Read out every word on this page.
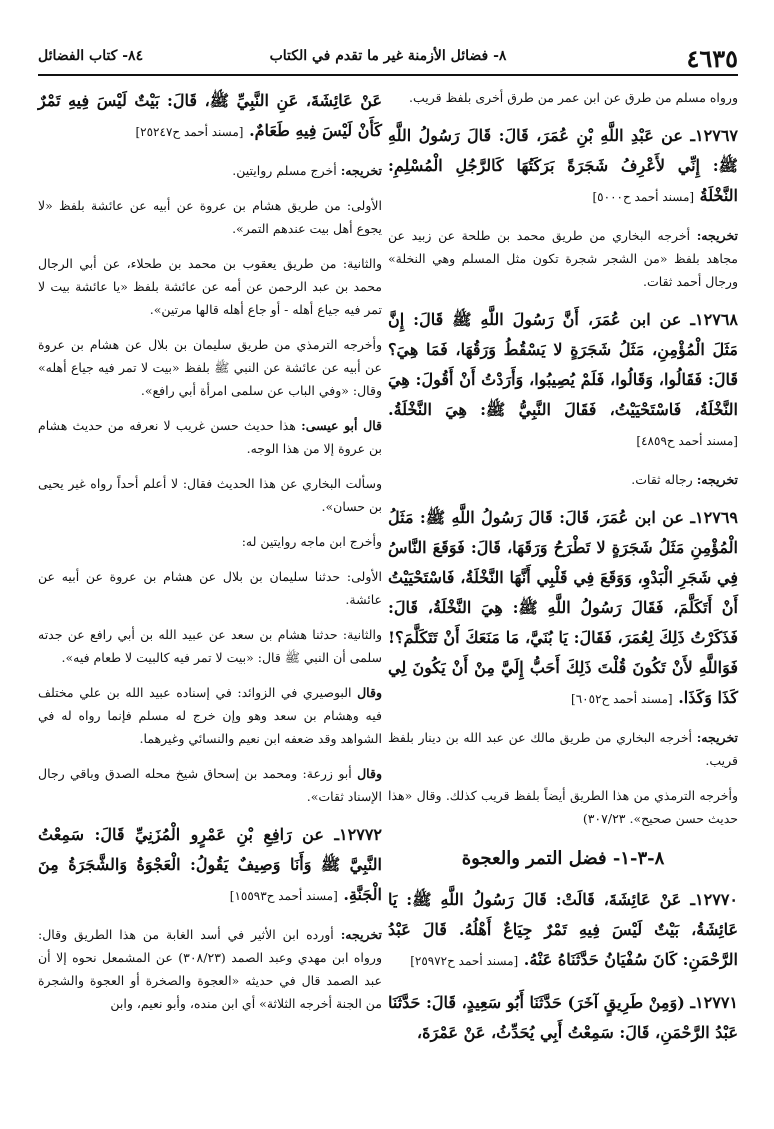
٤٦٣٥
٨- فضائل الأزمنة غير ما تقدم في الكتاب
٨٤- كتاب الفضائل

ورواه مسلم من طرق عن ابن عمر من طرق أخرى بلفظ قريب.

١٢٧٦٧ـ عن عَبْدِ اللَّهِ بْنِ عُمَرَ، قَالَ: قَالَ رَسُولُ اللَّهِ ﷺ: إِنِّي لأَعْرِفُ شَجَرَةً بَرَكَتُهَا كَالرَّجُلِ الْمُسْلِمِ: النَّخْلَةُ [مسند أحمد ح٥٠٠٠]

تخريجه: أخرجه البخاري من طريق محمد بن طلحة عن زبيد عن مجاهد بلفظ «من الشجر شجرة تكون مثل المسلم وهي النخلة» ورجال أحمد ثقات.

١٢٧٦٨ـ عن ابن عُمَرَ، أَنَّ رَسُولَ اللَّهِ ﷺ قَالَ: إِنَّ مَثَلَ الْمُؤْمِنِ، مَثَلُ شَجَرَةٍ لا يَسْقُطُ وَرَقُهَا، فَمَا هِيَ؟ قَالَ: فَقَالُوا، وَقَالُوا، فَلَمْ يُصِيبُوا، وَأَرَدْتُ أَنْ أَقُولَ: هِيَ النَّخْلَةُ، فَاسْتَحْيَيْتُ، فَقَالَ النَّبِيُّ ﷺ: هِيَ النَّخْلَةُ. [مسند أحمد ح٤٨٥٩]

تخريجه: رجاله ثقات.

١٢٧٦٩ـ عن ابن عُمَرَ، قَالَ: قَالَ رَسُولُ اللَّهِ ﷺ: مَثَلُ الْمُؤْمِنِ مَثَلُ شَجَرَةٍ لا تَطْرَحُ وَرَقَهَا، قَالَ: فَوَقَعَ النَّاسُ فِي شَجَرِ الْبَدْوِ، وَوَقَعَ فِي قَلْبِي أَنَّهَا النَّخْلَةُ، فَاسْتَحْيَيْتُ أَنْ أَتَكَلَّمَ، فَقَالَ رَسُولُ اللَّهِ ﷺ: هِيَ النَّخْلَةُ، قَالَ: فَذَكَرْتُ ذَلِكَ لِعُمَرَ، فَقَالَ: يَا بُنَيَّ، مَا مَنَعَكَ أَنْ تَتَكَلَّمَ؟! فَوَاللَّهِ لأَنْ تَكُونَ قُلْتَ ذَلِكَ أَحَبُّ إِلَيَّ مِنْ أَنْ يَكُونَ لِي كَذَا وَكَذَا. [مسند أحمد ح٦٠٥٢]

تخريجه: أخرجه البخاري من طريق مالك عن عبد الله بن دينار بلفظ قريب.

وأخرجه الترمذي من هذا الطريق أيضاً بلفظ قريب كذلك. وقال «هذا حديث حسن صحيح». ٣٠٧/٢٣)

٨-٣-١- فضل التمر والعجوة

١٢٧٧٠ـ عَنْ عَائِشَةَ، قَالَتْ: قَالَ رَسُولُ اللَّهِ ﷺ: يَا عَائِشَةُ، بَيْتٌ لَيْسَ فِيهِ تَمْرٌ جِيَاعٌ أَهْلُهُ. قَالَ عَبْدُ الرَّحْمَنِ: كَانَ سُفْيَانُ حَدَّثَنَاهُ عَنْهُ. [مسند أحمد ح٢٥٩٧٢]

١٢٧٧١ـ (وَمِنْ طَرِيقٍ آخَرَ) حَدَّثَنَا أَبُو سَعِيدٍ، قَالَ: حَدَّثَنَا عَبْدُ الرَّحْمَنِ، قَالَ: سَمِعْتُ أَبِي يُحَدِّثُ، عَنْ عَمْرَةَ،

عَنْ عَائِشَةَ، عَنِ النَّبِيِّ ﷺ، قَالَ: بَيْتٌ لَيْسَ فِيهِ تَمْرٌ كَأَنْ لَيْسَ فِيهِ طَعَامٌ. [مسند أحمد ح٢٥٢٤٧]

تخريجه: أخرج مسلم روايتين.

الأولى: من طريق هشام بن عروة عن أبيه عن عائشة بلفظ «لا يجوع أهل بيت عندهم التمر».

والثانية: من طريق يعقوب بن محمد بن طحلاء، عن أبي الرجال محمد بن عبد الرحمن عن أمه عن عائشة بلفظ «يا عائشة بيت لا تمر فيه جياع أهله - أو جاع أهله قالها مرتين».

وأخرجه الترمذي من طريق سليمان بن بلال عن هشام بن عروة عن أبيه عن عائشة عن النبي ﷺ بلفظ «بيت لا تمر فيه جياع أهله» وقال: «وفي الباب عن سلمى امرأة أبي رافع».

قال أبو عيسى: هذا حديث حسن غريب لا نعرفه من حديث هشام بن عروة إلا من هذا الوجه.

وسألت البخاري عن هذا الحديث فقال: لا أعلم أحداً رواه غير يحيى بن حسان».

وأخرج ابن ماجه روايتين له:

الأولى: حدثنا سليمان بن بلال عن هشام بن عروة عن أبيه عن عائشة.

والثانية: حدثنا هشام بن سعد عن عبيد الله بن أبي رافع عن جدته سلمى أن النبي ﷺ قال: «بيت لا تمر فيه كالبيت لا طعام فيه».

وقال البوصيري في الزوائد: في إسناده عبيد الله بن علي مختلف فيه وهشام بن سعد وهو وإن خرج له مسلم فإنما رواه له في الشواهد وقد ضعفه ابن نعيم والنسائي وغيرهما.

وقال أبو زرعة: ومحمد بن إسحاق شيخ محله الصدق وباقي رجال الإسناد ثقات».

١٢٧٧٢ـ عن رَافِعِ بْنِ عَمْرٍو الْمُزَنِيِّ قَالَ: سَمِعْتُ النَّبِيَّ ﷺ وَأَنَا وَصِيفٌ يَقُولُ: الْعَجْوَةُ وَالشَّجَرَةُ مِنَ الْجَنَّةِ. [مسند أحمد ح١٥٥٩٣]

تخريجه: أورده ابن الأثير في أسد الغابة من هذا الطريق وقال: ورواه ابن مهدي وعبد الصمد (٣٠٨/٢٣) عن المشمعل نحوه إلا أن عبد الصمد قال في حديثه «العجوة والصخرة أو العجوة والشجرة من الجنة أخرجه الثلاثة» أي ابن منده، وأبو نعيم، وابن
